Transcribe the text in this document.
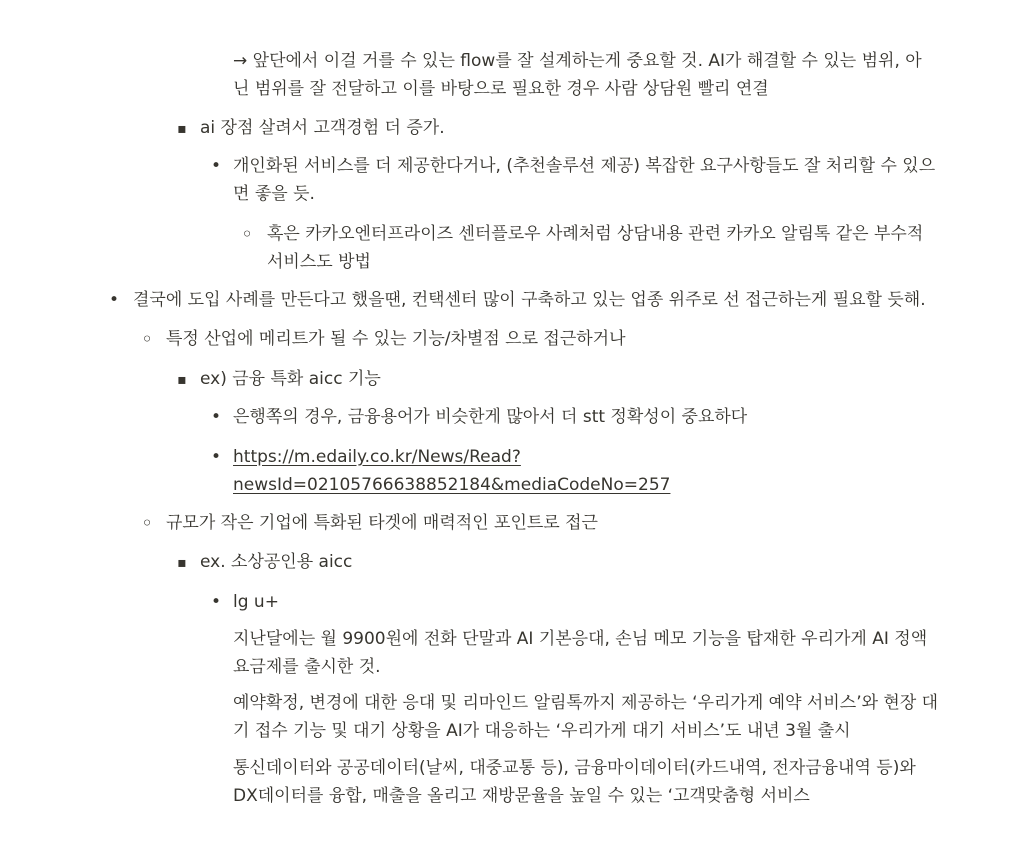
→ 앞단에서 이걸 거를 수 있는 flow를 잘 설계하는게 중요할 것. AI가 해결할 수 있는 범위, 아

닌 범위를 잘 전달하고 이를 바탕으로 필요한 경우 사람 상담원 빨리 연결

▪

ai 장점 살려서 고객경험 더 증가.

•

개인화된 서비스를 더 제공한다거나, (추천솔루션 제공) 복잡한 요구사항들도 잘 처리할 수 있으

면 좋을 듯.

◦

혹은 카카오엔터프라이즈 센터플로우 사례처럼 상담내용 관련 카카오 알림톡 같은 부수적

서비스도 방법

•

결국에 도입 사례를 만든다고 했을땐, 컨택센터 많이 구축하고 있는 업종 위주로 선 접근하는게 필요할 듯해.

◦

특정 산업에 메리트가 될 수 있는 기능/차별점 으로 접근하거나

▪

ex) 금융 특화 aicc 기능

•

은행쪽의 경우, 금융용어가 비슷한게 많아서 더 stt 정확성이 중요하다

•
https://m.edaily.co.kr/News/Read?
newsId=02105766638852184&mediaCodeNo=257
◦

규모가 작은 기업에 특화된 타겟에 매력적인 포인트로 접근

▪

ex. 소상공인용 aicc

•

lg u+

지난달에는 월 9900원에 전화 단말과 AI 기본응대, 손님 메모 기능을 탑재한 우리가게 AI 정액

요금제를 출시한 것.

예약확정, 변경에 대한 응대 및 리마인드 알림톡까지 제공하는 ‘우리가게 예약 서비스’와 현장 대

기 접수 기능 및 대기 상황을 AI가 대응하는 ‘우리가게 대기 서비스’도 내년 3월 출시

통신데이터와 공공데이터(날씨, 대중교통 등), 금융마이데이터(카드내역, 전자금융내역 등)와

DX데이터를 융합, 매출을 올리고 재방문율을 높일 수 있는 ‘고객맞춤형 서비스
